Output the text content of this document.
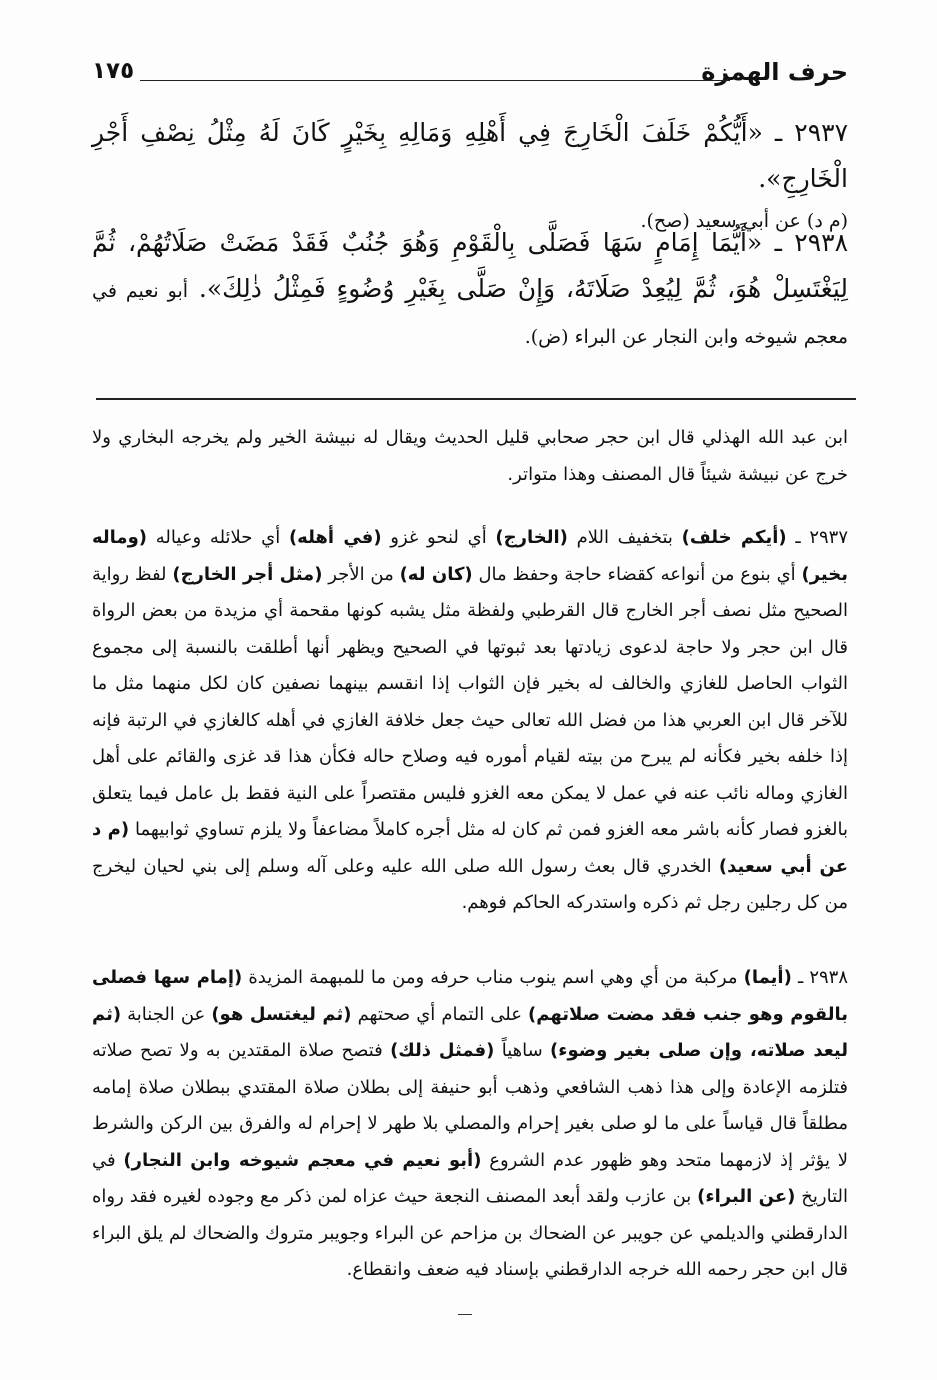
حرف الهمزة
١٧٥
٢٩٣٧ ـ «أَيُّكُمْ خَلَفَ الْخَارِجَ فِي أَهْلِهِ وَمَالِهِ بِخَيْرٍ كَانَ لَهُ مِثْلُ نِصْفِ أَجْرِ الْخَارِجِ».
(م د) عن أبي سعيد (صح).
٢٩٣٨ ـ «أَيُّمَا إِمَامٍ سَهَا فَصَلَّى بِالْقَوْمِ وَهُوَ جُنُبٌ فَقَدْ مَضَتْ صَلَاتُهُمْ، ثُمَّ لِيَغْتَسِلْ هُوَ، ثُمَّ لِيُعِدْ صَلَاتَهُ، وَإِنْ صَلَّى بِغَيْرِ وُضُوءٍ فَمِثْلُ ذٰلِكَ». أبو نعيم في معجم شيوخه وابن النجار عن البراء (ض).
ابن عبد الله الهذلي قال ابن حجر صحابي قليل الحديث ويقال له نبيشة الخير ولم يخرجه البخاري ولا خرج عن نبيشة شيئاً قال المصنف وهذا متواتر.
٢٩٣٧ ـ (أيكم خلف) بتخفيف اللام (الخارج) أي لنحو غزو (في أهله) أي حلائله وعياله (وماله بخير) أي بنوع من أنواعه كقضاء حاجة وحفظ مال (كان له) من الأجر (مثل أجر الخارج) لفظ رواية الصحيح مثل نصف أجر الخارج قال القرطبي ولفظة مثل يشبه كونها مقحمة أي مزيدة من بعض الرواة قال ابن حجر ولا حاجة لدعوى زيادتها بعد ثبوتها في الصحيح ويظهر أنها أطلقت بالنسبة إلى مجموع الثواب الحاصل للغازي والخالف له بخير فإن الثواب إذا انقسم بينهما نصفين كان لكل منهما مثل ما للآخر قال ابن العربي هذا من فضل الله تعالى حيث جعل خلافة الغازي في أهله كالغازي في الرتبة فإنه إذا خلفه بخير فكأنه لم يبرح من بيته لقيام أموره فيه وصلاح حاله فكأن هذا قد غزى والقائم على أهل الغازي وماله نائب عنه في عمل لا يمكن معه الغزو فليس مقتصراً على النية فقط بل عامل فيما يتعلق بالغزو فصار كأنه باشر معه الغزو فمن ثم كان له مثل أجره كاملاً مضاعفاً ولا يلزم تساوي ثوابيهما (م د عن أبي سعيد) الخدري قال بعث رسول الله صلى الله عليه وعلى آله وسلم إلى بني لحيان ليخرج من كل رجلين رجل ثم ذكره واستدركه الحاكم فوهم.
٢٩٣٨ ـ (أيما) مركبة من أي وهي اسم ينوب مناب حرفه ومن ما للمبهمة المزيدة (إمام سها فصلى بالقوم وهو جنب فقد مضت صلاتهم) على التمام أي صحتهم (ثم ليغتسل هو) عن الجنابة (ثم ليعد صلاته، وإن صلى بغير وضوء) ساهياً (فمثل ذلك) فتصح صلاة المقتدين به ولا تصح صلاته فتلزمه الإعادة وإلى هذا ذهب الشافعي وذهب أبو حنيفة إلى بطلان صلاة المقتدي ببطلان صلاة إمامه مطلقاً قال قياساً على ما لو صلى بغير إحرام والمصلي بلا طهر لا إحرام له والفرق بين الركن والشرط لا يؤثر إذ لازمهما متحد وهو ظهور عدم الشروع (أبو نعيم في معجم شيوخه وابن النجار) في التاريخ (عن البراء) بن عازب ولقد أبعد المصنف النجعة حيث عزاه لمن ذكر مع وجوده لغيره فقد رواه الدارقطني والديلمي عن جويبر عن الضحاك بن مزاحم عن البراء وجويبر متروك والضحاك لم يلق البراء قال ابن حجر رحمه الله خرجه الدارقطني بإسناد فيه ضعف وانقطاع.
